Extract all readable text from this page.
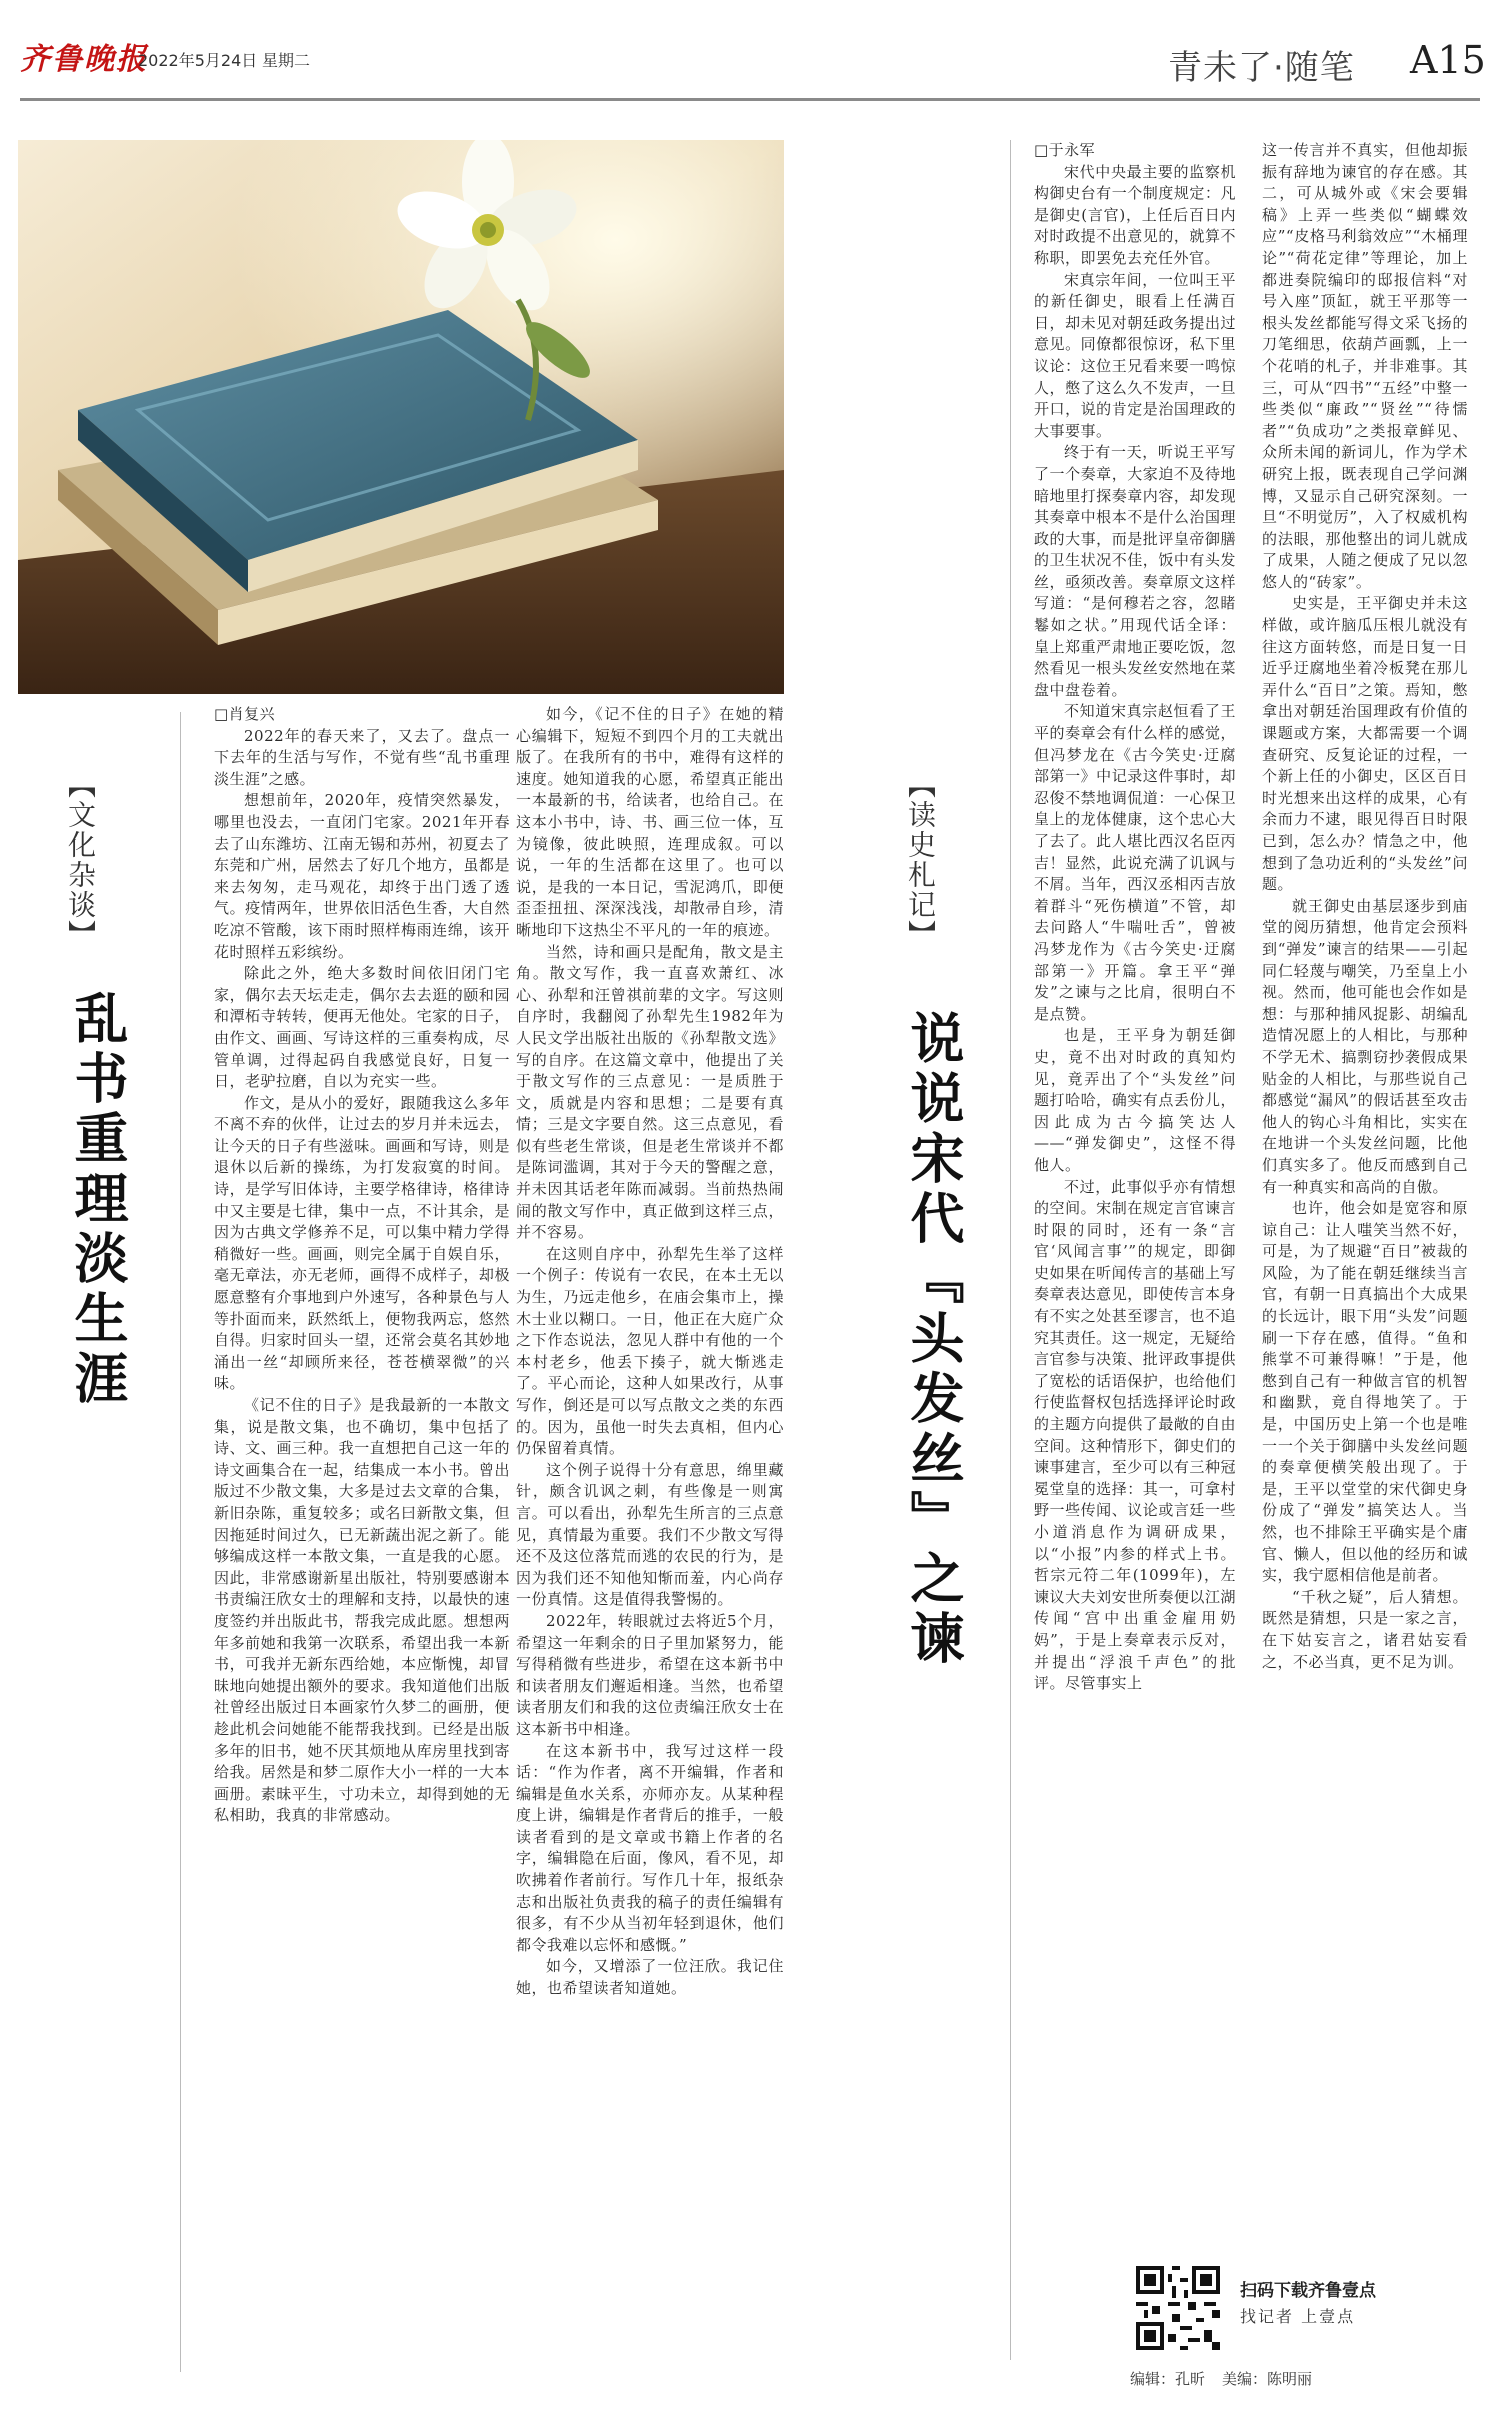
齐鲁晚报
2022年5月24日 星期二	青未了·随笔 A15
【文化杂谈】
乱书重理淡生涯

□肖复兴

2022年的春天来了，又去了。盘点一下去年的生活与写作，不觉有些“乱书重理淡生涯”之感。

想想前年，2020年，疫情突然暴发，哪里也没去，一直闭门宅家。2021年开春去了山东潍坊、江南无锡和苏州，初夏去了东莞和广州，居然去了好几个地方，虽都是来去匆匆，走马观花，却终于出门透了透气。疫情两年，世界依旧活色生香，大自然吃凉不管酸，该下雨时照样梅雨连绵，该开花时照样五彩缤纷。

除此之外，绝大多数时间依旧闭门宅家，偶尔去天坛走走，偶尔去去逛的颐和园和潭柘寺转转，便再无他处。宅家的日子，由作文、画画、写诗这样的三重奏构成，尽管单调，过得起码自我感觉良好，日复一日，老驴拉磨，自以为充实一些。

作文，是从小的爱好，跟随我这么多年不离不弃的伙伴，让过去的岁月并未远去，让今天的日子有些滋味。画画和写诗，则是退休以后新的操练，为打发寂寞的时间。诗，是学写旧体诗，主要学格律诗，格律诗中又主要是七律，集中一点，不计其余，是因为古典文学修养不足，可以集中精力学得稍微好一些。画画，则完全属于自娱自乐，毫无章法，亦无老师，画得不成样子，却极愿意整有介事地到户外速写，各种景色与人等扑面而来，跃然纸上，便物我两忘，悠然自得。归家时回头一望，还常会莫名其妙地涌出一丝“却顾所来径，苍苍横翠微”的兴味。

《记不住的日子》是我最新的一本散文集，说是散文集，也不确切，集中包括了诗、文、画三种。我一直想把自己这一年的诗文画集合在一起，结集成一本小书。曾出版过不少散文集，大多是过去文章的合集，新旧杂陈，重复较多；或名曰新散文集，但因拖延时间过久，已无新蔬出泥之新了。能够编成这样一本散文集，一直是我的心愿。因此，非常感谢新星出版社，特别要感谢本书责编汪欣女士的理解和支持，以最快的速度签约并出版此书，帮我完成此愿。想想两年多前她和我第一次联系，希望出我一本新书，可我并无新东西给她，本应惭愧，却冒昧地向她提出额外的要求。我知道他们出版社曾经出版过日本画家竹久梦二的画册，便趁此机会问她能不能帮我找到。已经是出版多年的旧书，她不厌其烦地从库房里找到寄给我。居然是和梦二原作大小一样的一大本画册。素昧平生，寸功未立，却得到她的无私相助，我真的非常感动。

如今，《记不住的日子》在她的精心编辑下，短短不到四个月的工夫就出版了。在我所有的书中，难得有这样的速度。她知道我的心愿，希望真正能出一本最新的书，给读者，也给自己。在这本小书中，诗、书、画三位一体，互为镜像，彼此映照，连理成叙。可以说，一年的生活都在这里了。也可以说，是我的一本日记，雪泥鸿爪，即便歪歪扭扭、深深浅浅，却散帚自珍，清晰地印下这热尘不平凡的一年的痕迹。

当然，诗和画只是配角，散文是主角。散文写作，我一直喜欢萧红、冰心、孙犁和汪曾祺前辈的文字。写这则自序时，我翻阅了孙犁先生1982年为人民文学出版社出版的《孙犁散文选》写的自序。在这篇文章中，他提出了关于散文写作的三点意见：一是质胜于文，质就是内容和思想；二是要有真情；三是文字要自然。这三点意见，看似有些老生常谈，但是老生常谈并不都是陈词滥调，其对于今天的警醒之意，并未因其话老年陈而减弱。当前热热闹闹的散文写作中，真正做到这样三点，并不容易。

在这则自序中，孙犁先生举了这样一个例子：传说有一农民，在本土无以为生，乃远走他乡，在庙会集市上，操木士业以糊口。一日，他正在大庭广众之下作态说法，忽见人群中有他的一个本村老乡，他丢下揍子，就大惭逃走了。平心而论，这种人如果改行，从事写作，倒还是可以写点散文之类的东西的。因为，虽他一时失去真相，但内心仍保留着真情。

这个例子说得十分有意思，绵里藏针，颇含讥讽之刺，有些像是一则寓言。可以看出，孙犁先生所言的三点意见，真情最为重要。我们不少散文写得还不及这位落荒而逃的农民的行为，是因为我们还不知他知惭而羞，内心尚存一份真情。这是值得我警惕的。

2022年，转眼就过去将近5个月，希望这一年剩余的日子里加紧努力，能写得稍微有些进步，希望在这本新书中和读者朋友们邂逅相逢。当然，也希望读者朋友们和我的这位责编汪欣女士在这本新书中相逢。

在这本新书中，我写过这样一段话：“作为作者，离不开编辑，作者和编辑是鱼水关系，亦师亦友。从某种程度上讲，编辑是作者背后的推手，一般读者看到的是文章或书籍上作者的名字，编辑隐在后面，像风，看不见，却吹拂着作者前行。写作几十年，报纸杂志和出版社负责我的稿子的责任编辑有很多，有不少从当初年轻到退休，他们都令我难以忘怀和感慨。”

如今，又增添了一位汪欣。我记住她，也希望读者知道她。

【读史札记】
说说宋代『头发丝』之谏

□于永军

宋代中央最主要的监察机构御史台有一个制度规定：凡是御史(言官)，上任后百日内对时政提不出意见的，就算不称职，即罢免去充任外官。

宋真宗年间，一位叫王平的新任御史，眼看上任满百日，却未见对朝廷政务提出过意见。同僚都很惊讶，私下里议论：这位王兄看来要一鸣惊人，憋了这么久不发声，一旦开口，说的肯定是治国理政的大事要事。

终于有一天，听说王平写了一个奏章，大家迫不及待地暗地里打探奏章内容，却发现其奏章中根本不是什么治国理政的大事，而是批评皇帝御膳的卫生状况不佳，饭中有头发丝，亟须改善。奏章原文这样写道：“是何穆若之容，忽睹鬈如之状。”用现代话全译：皇上郑重严肃地正要吃饭，忽然看见一根头发丝安然地在菜盘中盘卷着。

不知道宋真宗赵恒看了王平的奏章会有什么样的感觉，但冯梦龙在《古今笑史·迂腐部第一》中记录这件事时，却忍俊不禁地调侃道：一心保卫皇上的龙体健康，这个忠心大了去了。此人堪比西汉名臣丙吉！显然，此说充满了讥讽与不屑。当年，西汉丞相丙吉放着群斗“死伤横道”不管，却去问路人“牛喘吐舌”，曾被冯梦龙作为《古今笑史·迂腐部第一》开篇。拿王平“弹发”之谏与之比肩，很明白不是点赞。

也是，王平身为朝廷御史，竟不出对时政的真知灼见，竟弄出了个“头发丝”问题打哈哈，确实有点丢份儿，因此成为古今搞笑达人——“弹发御史”，这怪不得他人。

不过，此事似乎亦有情想的空间。宋制在规定言官谏言时限的同时，还有一条“言官‘风闻言事’”的规定，即御史如果在听闻传言的基础上写奏章表达意见，即使传言本身有不实之处甚至谬言，也不追究其责任。这一规定，无疑给言官参与决策、批评政事提供了宽松的话语保护，也给他们行使监督权包括选择评论时政的主题方向提供了最敞的自由空间。这种情形下，御史们的谏事建言，至少可以有三种冠冕堂皇的选择：其一，可拿村野一些传闻、议论或言廷一些小道消息作为调研成果，以“小报”内参的样式上书。哲宗元符二年(1099年)，左谏议大夫刘安世所奏便以江湖传闻“宫中出重金雇用奶妈”，于是上奏章表示反对，并提出“浮浪千声色”的批评。尽管事实上

这一传言并不真实，但他却振振有辞地为谏官的存在感。其二，可从城外或《宋会要辑稿》上弄一些类似“蝴蝶效应”“皮格马利翁效应”“木桶理论”“荷花定律”等理论，加上都进奏院编印的邸报信料“对号入座”顶缸，就王平那等一根头发丝都能写得文采飞扬的刀笔细思，依葫芦画瓢，上一个花哨的札子，并非难事。其三，可从“四书”“五经”中整一些类似“廉政”“贤丝”“待懦者”“负成功”之类报章鲜见、众所未闻的新词儿，作为学术研究上报，既表现自己学问渊博，又显示自己研究深刻。一旦“不明觉厉”，入了权威机构的法眼，那他整出的词儿就成了成果，人随之便成了兄以忽悠人的“砖家”。

史实是，王平御史并未这样做，或许脑瓜压根儿就没有往这方面转悠，而是日复一日近乎迂腐地坐着冷板凳在那儿弄什么“百日”之策。焉知，憋拿出对朝廷治国理政有价值的课题或方案，大都需要一个调查研究、反复论证的过程，一个新上任的小御史，区区百日时光想来出这样的成果，心有余而力不逮，眼见得百日时限已到，怎么办？情急之中，他想到了急功近利的“头发丝”问题。

就王御史由基层逐步到庙堂的阅历猜想，他肯定会预料到“弹发”谏言的结果——引起同仁轻蔑与嘲笑，乃至皇上小视。然而，他可能也会作如是想：与那种捕风捉影、胡编乱造情况愿上的人相比，与那种不学无术、搞剽窃抄袭假成果贴金的人相比，与那些说自己都感觉“漏风”的假话甚至攻击他人的钩心斗角相比，实实在在地讲一个头发丝问题，比他们真实多了。他反而感到自己有一种真实和高尚的自傲。

也许，他会如是宽容和原谅自己：让人嗤笑当然不好，可是，为了规避“百日”被裁的风险，为了能在朝廷继续当言官，有朝一日真搞出个大成果的长远计，眼下用“头发”问题刷一下存在感，值得。“鱼和熊掌不可兼得嘛！”于是，他憋到自己有一种做言官的机智和幽默，竟自得地笑了。于是，中国历史上第一个也是唯一一个关于御膳中头发丝问题的奏章便横笑般出现了。于是，王平以堂堂的宋代御史身份成了“弹发”搞笑达人。当然，也不排除王平确实是个庸官、懒人，但以他的经历和诚实，我宁愿相信他是前者。

“千秋之疑”，后人猜想。既然是猜想，只是一家之言，在下姑妄言之，诸君姑妄看之，不必当真，更不足为训。

扫码下载齐鲁壹点
找记者 上壹点
编辑：孔昕 美编：陈明丽
